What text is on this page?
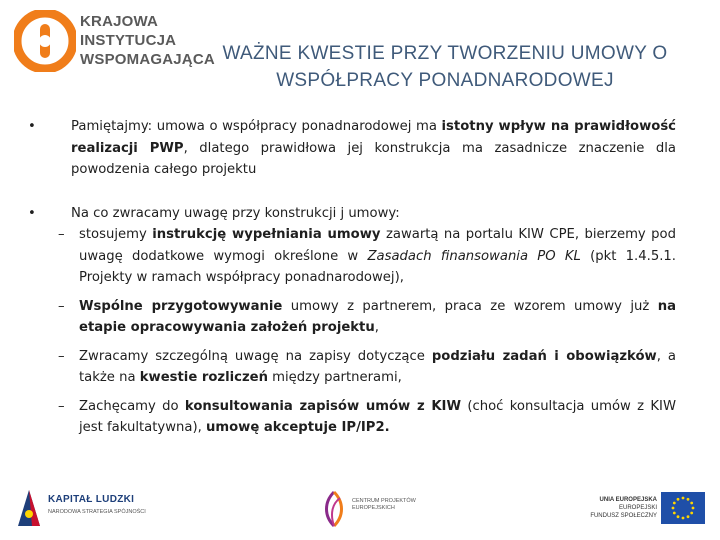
KRAJOWA
INSTYTUCJA
WSPOMAGAJĄCA WAŻNE KWESTIE PRZY TWORZENIU UMOWY O
WSPÓŁPRACY PONADNARODOWEJ
•	Pamiętajmy: umowa o współpracy ponadnarodowej ma istotny wpływ na prawidłowość realizacji PWP, dlatego prawidłowa jej konstrukcja ma zasadnicze znaczenie dla powodzenia całego projektu
•	Na co zwracamy uwagę przy konstrukcji j umowy:
– stosujemy instrukcję wypełniania umowy zawartą na portalu KIW CPE, bierzemy pod uwagę dodatkowe wymogi określone w Zasadach finansowania PO KL (pkt 1.4.5.1. Projekty w ramach współpracy ponadnarodowej),
– Wspólne przygotowywanie umowy z partnerem, praca ze wzorem umowy już na etapie opracowywania założeń projektu,
– Zwracamy szczególną uwagę na zapisy dotyczące podziału zadań i obowiązków, a także na kwestie rozliczeń między partnerami,
– Zachęcamy do konsultowania zapisów umów z KIW (choć konsultacja umów z KIW jest fakultatywna), umowę akceptuje IP/IP2.
KAPITAŁ LUDZKI
NARODOWA STRATEGIA SPÓJNOŚCI
CENTRUM PROJEKTÓW
EUROPEJSKICH
UNIA EUROPEJSKA
EUROPEJSKI
FUNDUSZ SPOŁECZNY
